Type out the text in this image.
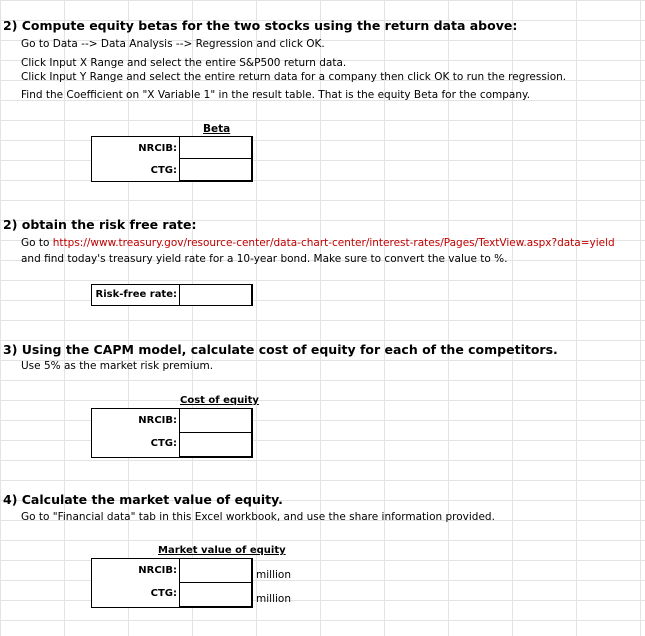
2) Compute equity betas for the two stocks using the return data above:
Go to Data --> Data Analysis --> Regression and click OK.
Click Input X Range and select the entire S&P500 return data.
Click Input Y Range and select the entire return data for a company then click OK to run the regression.
Find the Coefficient on "X Variable 1" in the result table. That is the equity Beta for the company.
Beta
NRCIB:
CTG:
2) obtain the risk free rate:
Go to https://www.treasury.gov/resource-center/data-chart-center/interest-rates/Pages/TextView.aspx?data=yield
and find today's treasury yield rate for a 10-year bond. Make sure to convert the value to %.
Risk-free rate:
3) Using the CAPM model, calculate cost of equity for each of the competitors.
Use 5% as the market risk premium.
Cost of equity
NRCIB:
CTG:
4) Calculate the market value of equity.
Go to "Financial data" tab in this Excel workbook, and use the share information provided.
Market value of equity
NRCIB:	million
CTG:	million
